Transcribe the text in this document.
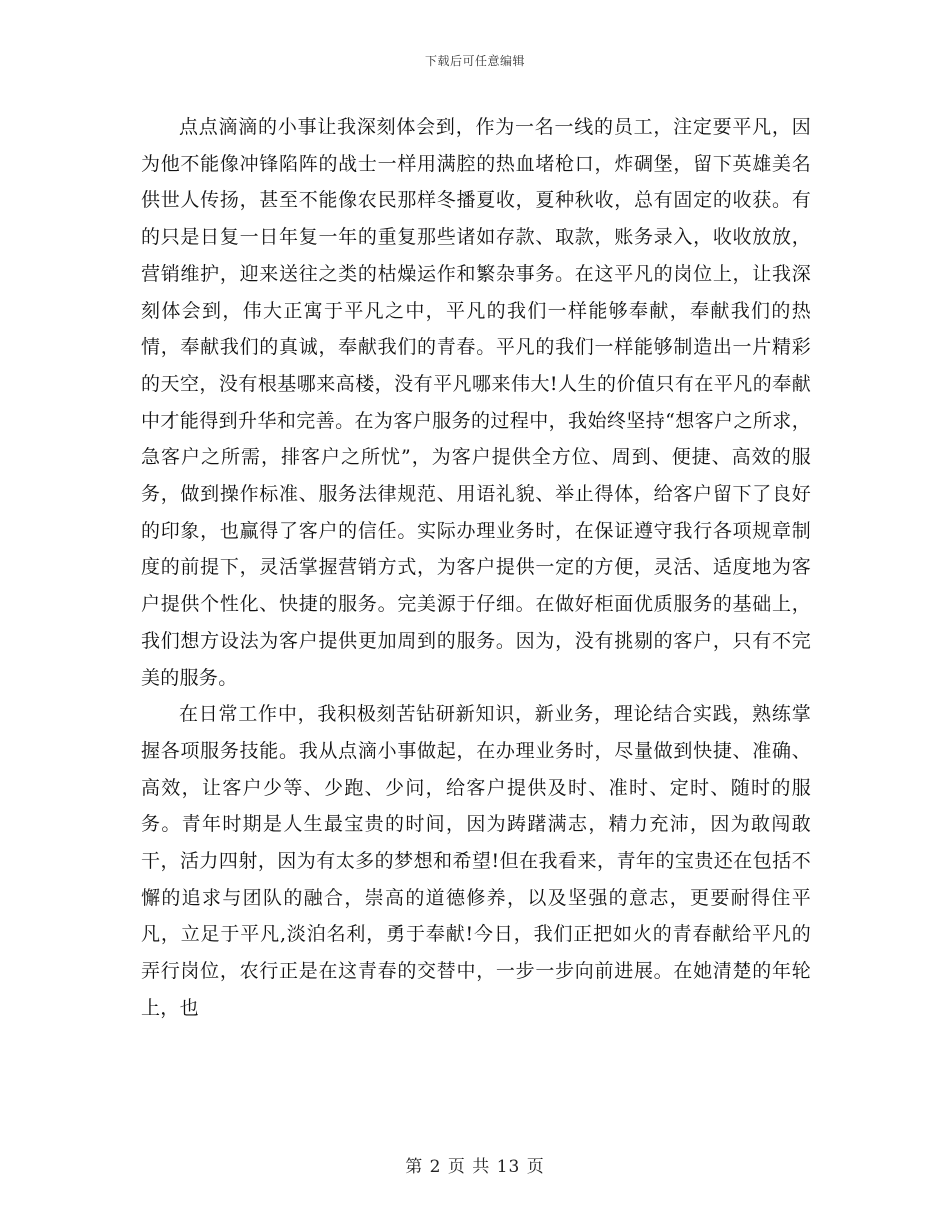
下载后可任意编辑

点点滴滴的小事让我深刻体会到，作为一名一线的员工，注定要平凡，因为他不能像冲锋陷阵的战士一样用满腔的热血堵枪口，炸碉堡，留下英雄美名供世人传扬，甚至不能像农民那样冬播夏收，夏种秋收，总有固定的收获。有的只是日复一日年复一年的重复那些诸如存款、取款，账务录入，收收放放，营销维护，迎来送往之类的枯燥运作和繁杂事务。在这平凡的岗位上，让我深刻体会到，伟大正寓于平凡之中，平凡的我们一样能够奉献，奉献我们的热情，奉献我们的真诚，奉献我们的青春。平凡的我们一样能够制造出一片精彩的天空，没有根基哪来高楼，没有平凡哪来伟大!人生的价值只有在平凡的奉献中才能得到升华和完善。在为客户服务的过程中，我始终坚持“想客户之所求，急客户之所需，排客户之所忧”，为客户提供全方位、周到、便捷、高效的服务，做到操作标准、服务法律规范、用语礼貌、举止得体，给客户留下了良好的印象，也赢得了客户的信任。实际办理业务时，在保证遵守我行各项规章制度的前提下，灵活掌握营销方式，为客户提供一定的方便，灵活、适度地为客户提供个性化、快捷的服务。完美源于仔细。在做好柜面优质服务的基础上，我们想方设法为客户提供更加周到的服务。因为，没有挑剔的客户，只有不完美的服务。

在日常工作中，我积极刻苦钻研新知识，新业务，理论结合实践，熟练掌握各项服务技能。我从点滴小事做起，在办理业务时，尽量做到快捷、准确、高效，让客户少等、少跑、少问，给客户提供及时、准时、定时、随时的服务。青年时期是人生最宝贵的时间，因为踌躇满志，精力充沛，因为敢闯敢干，活力四射，因为有太多的梦想和希望!但在我看来，青年的宝贵还在包括不懈的追求与团队的融合，崇高的道德修养，以及坚强的意志，更要耐得住平凡，立足于平凡,淡泊名利，勇于奉献!今日，我们正把如火的青春献给平凡的弄行岗位，农行正是在这青春的交替中，一步一步向前进展。在她清楚的年轮上，也

第 2 页 共 13 页
